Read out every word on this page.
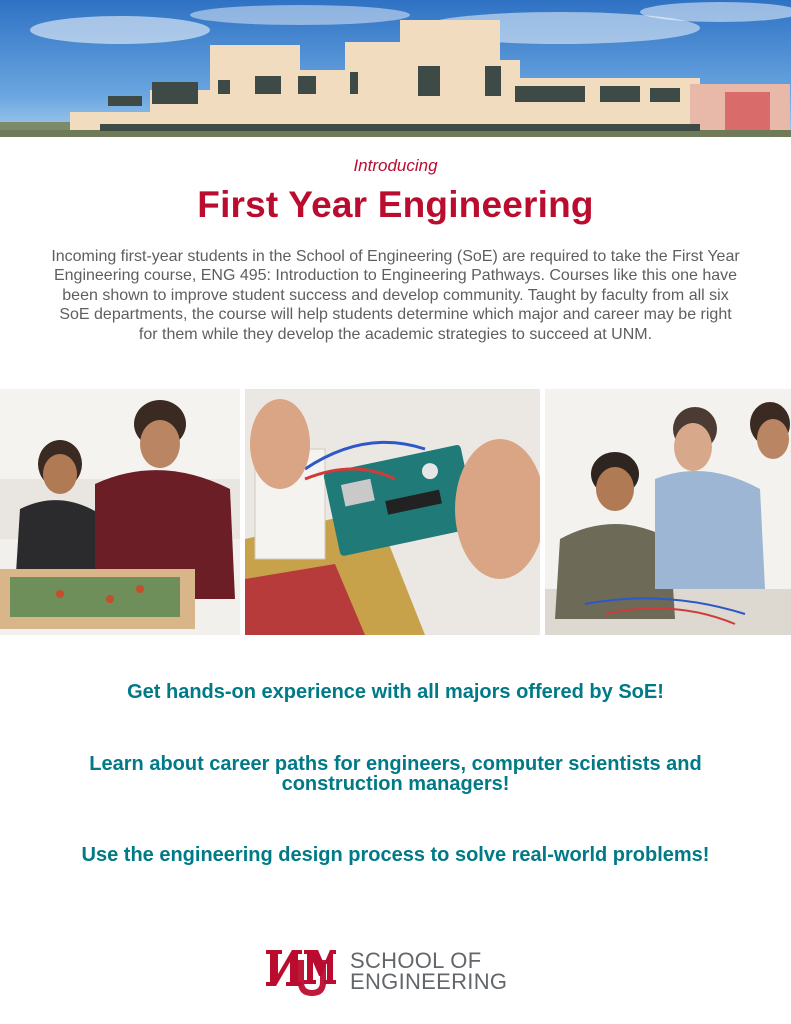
Introducing
First Year Engineering
Incoming first-year students in the School of Engineering (SoE) are required to take the First Year Engineering course, ENG 495: Introduction to Engineering Pathways. Courses like this one have been shown to improve student success and develop community. Taught by faculty from all six SoE departments, the course will help students determine which major and career may be right for them while they develop the academic strategies to succeed at UNM.
Get hands-on experience with all majors offered by SoE!
Learn about career paths for engineers, computer scientists and construction managers!
Use the engineering design process to solve real-world problems!
SCHOOL OF
ENGINEERING
